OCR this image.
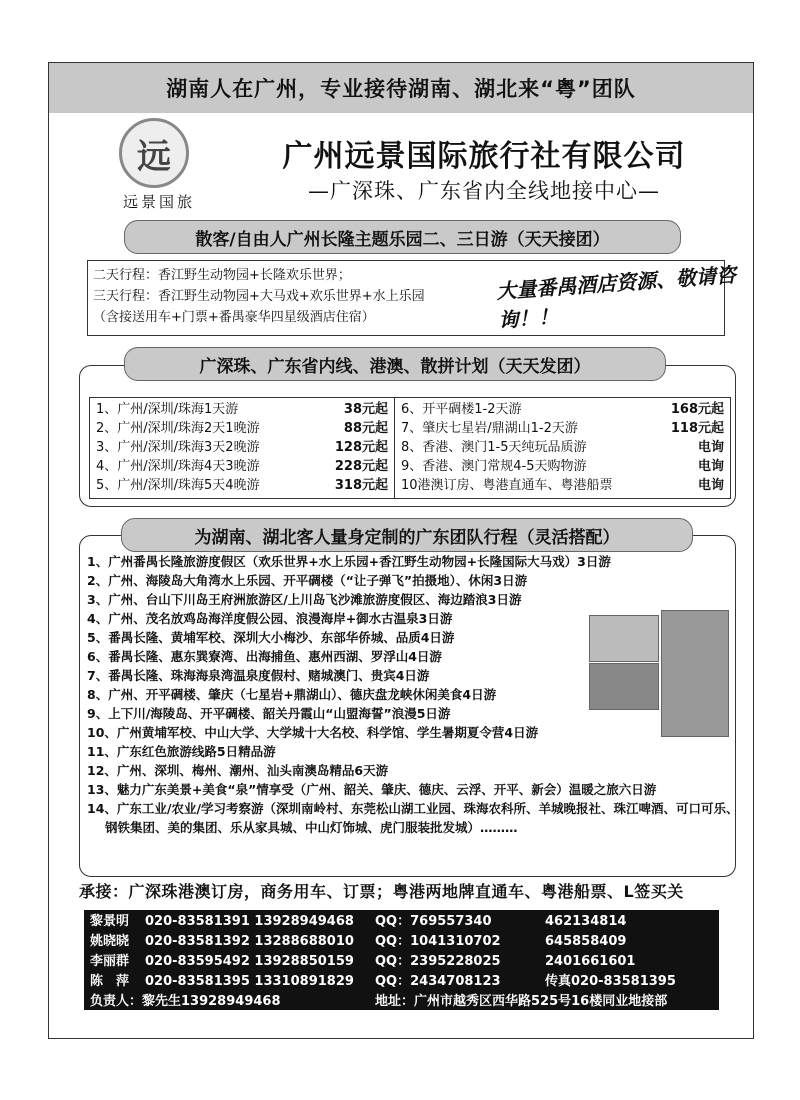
湖南人在广州，专业接待湖南、湖北来“粤”团队
远
远景国旅
广州远景国际旅行社有限公司
—广深珠、广东省内全线地接中心—
散客/自由人广州长隆主题乐园二、三日游（天天接团）
二天行程：香江野生动物园+长隆欢乐世界；
三天行程：香江野生动物园+大马戏+欢乐世界+水上乐园
（含接送用车+门票+番禺豪华四星级酒店住宿）
大量番禺酒店资源、敬请咨询！！
广深珠、广东省内线、港澳、散拼计划（天天发团）
1、广州/深圳/珠海1天游	38元起
2、广州/深圳/珠海2天1晚游	88元起
3、广州/深圳/珠海3天2晚游	128元起
4、广州/深圳/珠海4天3晚游	228元起
5、广州/深圳/珠海5天4晚游	318元起
6、开平碉楼1-2天游	168元起
7、肇庆七星岩/鼎湖山1-2天游	118元起
8、香港、澳门1-5天纯玩品质游	电询
9、香港、澳门常规4-5天购物游	电询
10港澳订房、粤港直通车、粤港船票	电询
为湖南、湖北客人量身定制的广东团队行程（灵活搭配）
1、广州番禺长隆旅游度假区（欢乐世界+水上乐园+香江野生动物园+长隆国际大马戏）3日游
2、广州、海陵岛大角湾水上乐园、开平碉楼（“让子弹飞”拍摄地）、休闲3日游
3、广州、台山下川岛王府洲旅游区/上川岛飞沙滩旅游度假区、海边踏浪3日游
4、广州、茂名放鸡岛海洋度假公园、浪漫海岸+御水古温泉3日游
5、番禺长隆、黄埔军校、深圳大小梅沙、东部华侨城、品质4日游
6、番禺长隆、惠东巽寮湾、出海捕鱼、惠州西湖、罗浮山4日游
7、番禺长隆、珠海海泉湾温泉度假村、赌城澳门、贵宾4日游
8、广州、开平碉楼、肇庆（七星岩+鼎湖山）、德庆盘龙峡休闲美食4日游
9、上下川/海陵岛、开平碉楼、韶关丹霞山“山盟海誓”浪漫5日游
10、广州黄埔军校、中山大学、大学城十大名校、科学馆、学生暑期夏令营4日游
11、广东红色旅游线路5日精品游
12、广州、深圳、梅州、潮州、汕头南澳岛精品6天游
13、魅力广东美景+美食“泉”情享受（广州、韶关、肇庆、德庆、云浮、开平、新会）温暖之旅六日游
14、广东工业/农业/学习考察游（深圳南岭村、东莞松山湖工业园、珠海农科所、羊城晚报社、珠江啤酒、可口可乐、钢铁集团、美的集团、乐从家具城、中山灯饰城、虎门服装批发城）………
承接：广深珠港澳订房，商务用车、订票；粤港两地牌直通车、粤港船票、L签买关
黎景明	020-83581391 13928949468	QQ：769557340	462134814
姚晓晓	020-83581392 13288688010	QQ：1041310702	645858409
李丽群	020-83595492 13928850159	QQ：2395228025	2401661601
陈　萍	020-83581395 13310891829	QQ：2434708123	传真020-83581395
负责人：黎先生13928949468	地址：广州市越秀区西华路525号16楼同业地接部
